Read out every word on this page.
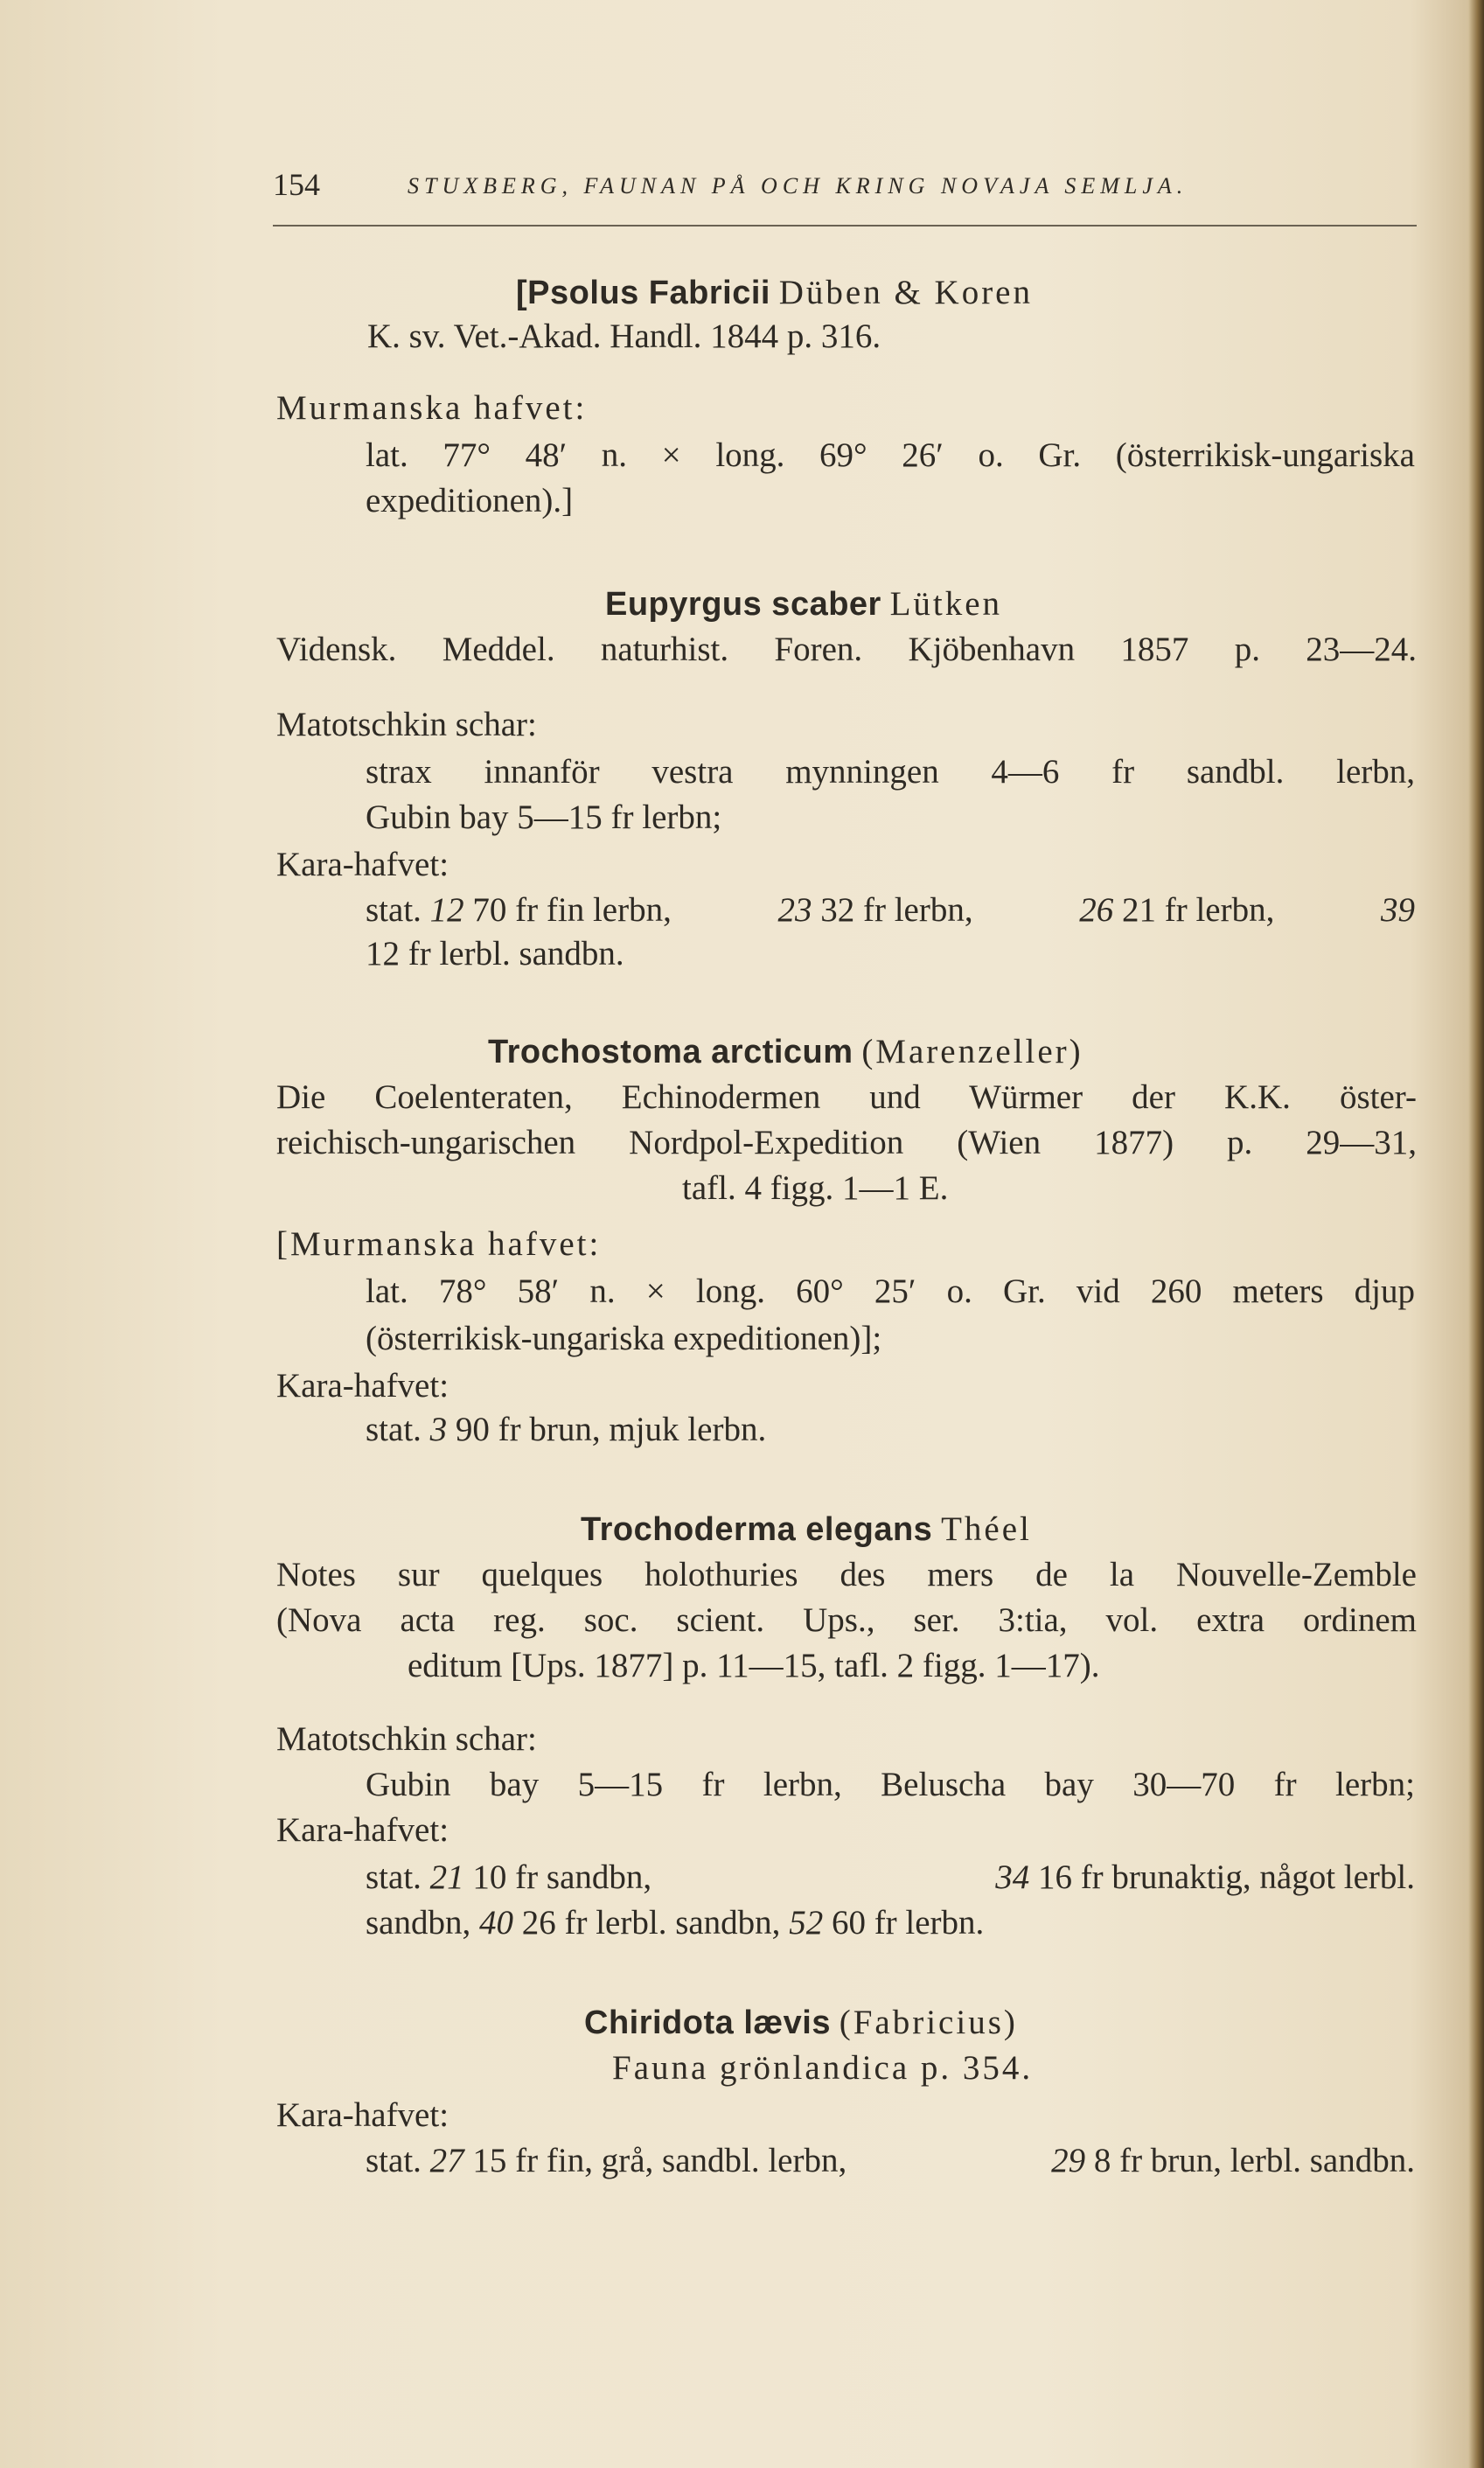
154	STUXBERG, FAUNAN PÅ OCH KRING NOVAJA SEMLJA.
[Psolus Fabricii Düben & Koren
K. sv. Vet.-Akad. Handl. 1844 p. 316.
Murmanska hafvet:
lat. 77° 48′ n. × long. 69° 26′ o. Gr. (österrikisk-ungariska
expeditionen).]
Eupyrgus scaber Lütken
Vidensk. Meddel. naturhist. Foren. Kjöbenhavn 1857 p. 23—24.
Matotschkin schar:
strax innanför vestra mynningen 4—6 fr sandbl. lerbn,
Gubin bay 5—15 fr lerbn;
Kara-hafvet:
stat. 12 70 fr fin lerbn,	23 32 fr lerbn,	26 21 fr lerbn,	39
12 fr lerbl. sandbn.
Trochostoma arcticum (Marenzeller)
Die Coelenteraten, Echinodermen und Würmer der K.K. öster-
reichisch-ungarischen Nordpol-Expedition (Wien 1877) p. 29—31,
tafl. 4 figg. 1—1 E.
[Murmanska hafvet:
lat. 78° 58′ n. × long. 60° 25′ o. Gr. vid 260 meters djup
(österrikisk-ungariska expeditionen)];
Kara-hafvet:
stat. 3 90 fr brun, mjuk lerbn.
Trochoderma elegans Théel
Notes sur quelques holothuries des mers de la Nouvelle-Zemble
(Nova acta reg. soc. scient. Ups., ser. 3:tia, vol. extra ordinem
editum [Ups. 1877] p. 11—15, tafl. 2 figg. 1—17).
Matotschkin schar:
Gubin bay 5—15 fr lerbn, Beluscha bay 30—70 fr lerbn;
Kara-hafvet:
stat. 21 10 fr sandbn,	34 16 fr brunaktig, något lerbl.
sandbn, 40 26 fr lerbl. sandbn, 52 60 fr lerbn.
Chiridota lævis (Fabricius)
Fauna grönlandica p. 354.
Kara-hafvet:
stat. 27 15 fr fin, grå, sandbl. lerbn,	29 8 fr brun, lerbl. sandbn.
